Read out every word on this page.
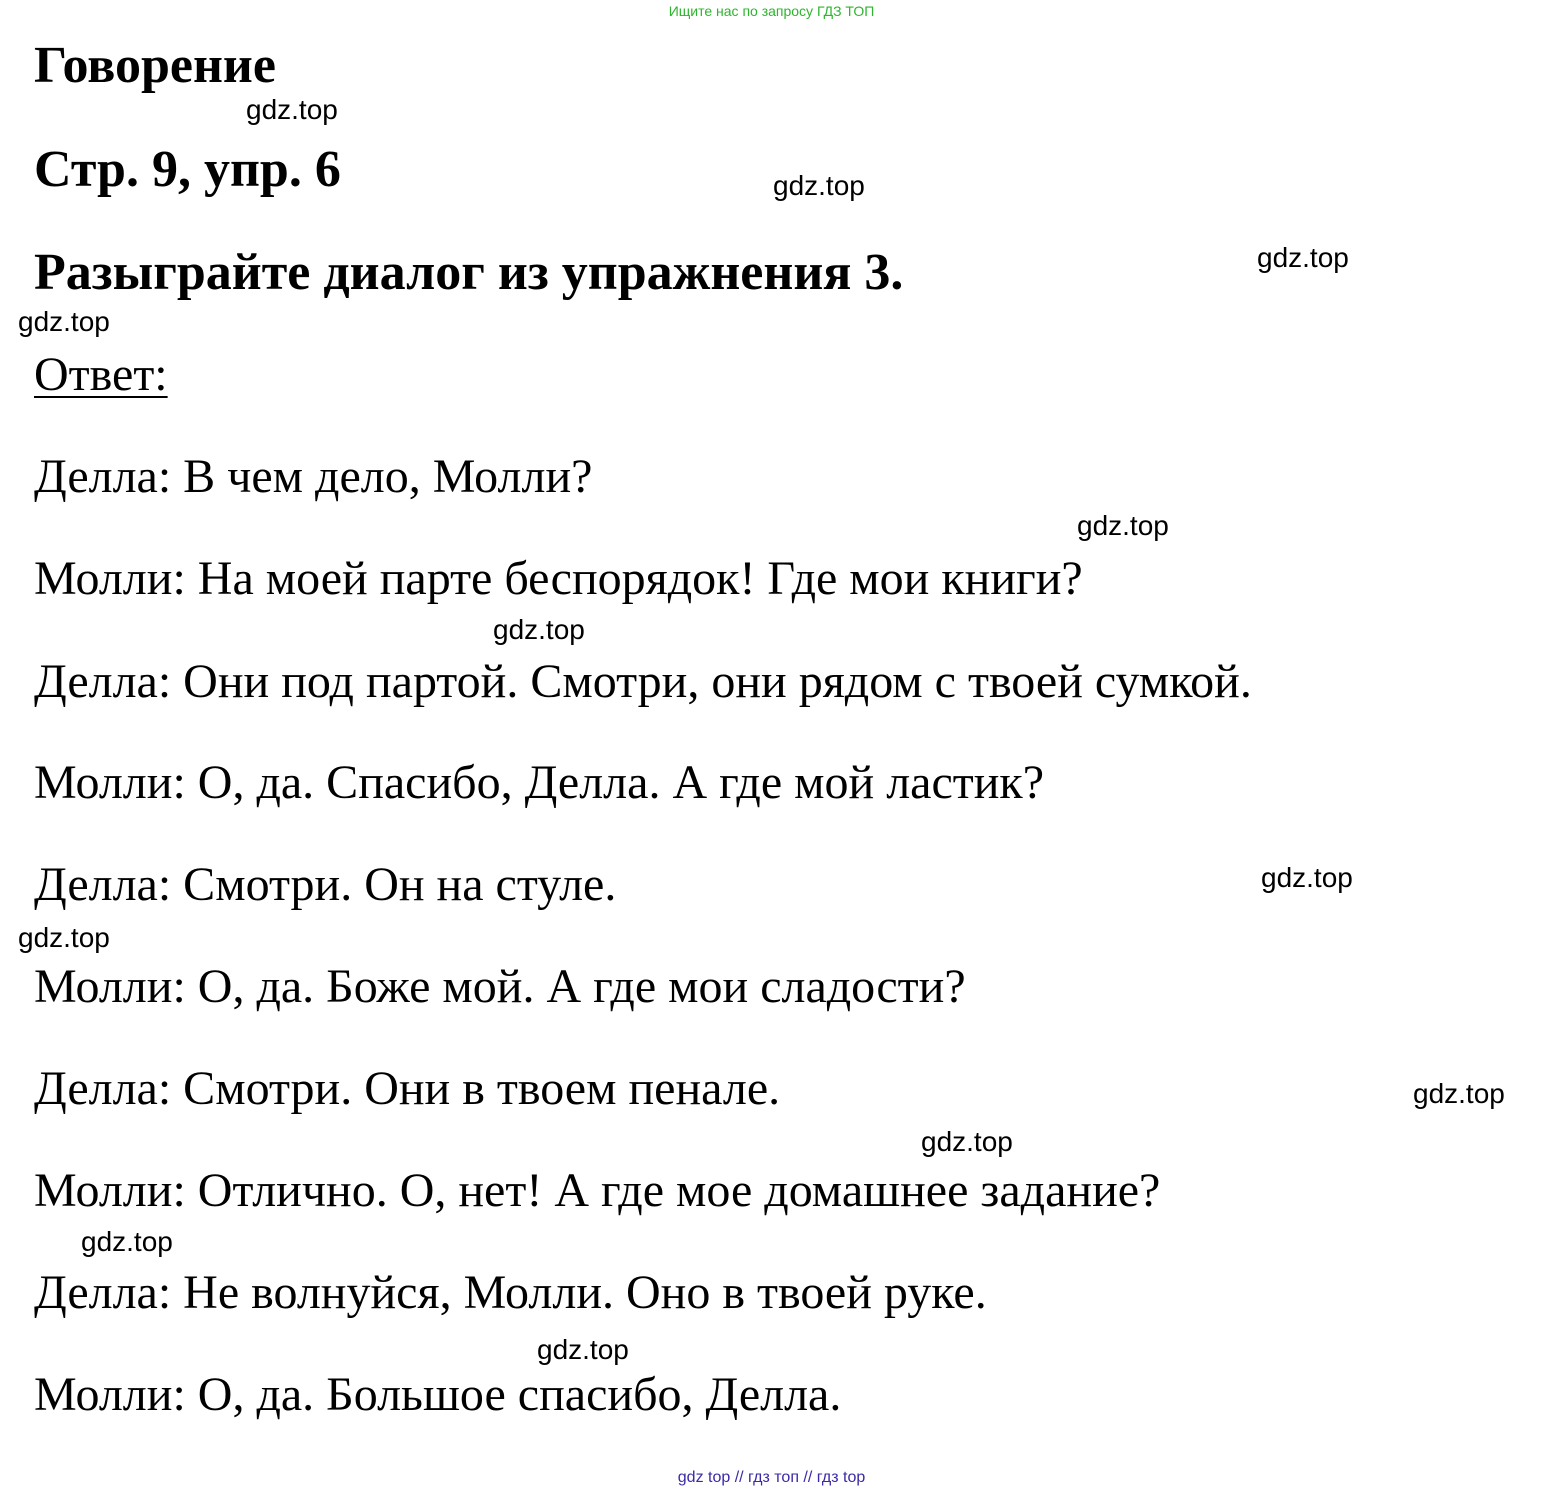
Ищите нас по запросу ГДЗ ТОП
Говорение
Стр. 9, упр. 6
Разыграйте диалог из упражнения 3.
Ответ:
Делла: В чем дело, Молли?
Молли: На моей парте беспорядок! Где мои книги?
Делла: Они под партой. Смотри, они рядом с твоей сумкой.
Молли: О, да. Спасибо, Делла. А где мой ластик?
Делла: Смотри. Он на стуле.
Молли: О, да. Боже мой. А где мои сладости?
Делла: Смотри. Они в твоем пенале.
Молли: Отлично. О, нет! А где мое домашнее задание?
Делла: Не волнуйся, Молли. Оно в твоей руке.
Молли: О, да. Большое спасибо, Делла.
gdz.top
gdz.top
gdz.top
gdz.top
gdz.top
gdz.top
gdz.top
gdz.top
gdz.top
gdz.top
gdz.top
gdz.top
gdz top // гдз топ // гдз top
